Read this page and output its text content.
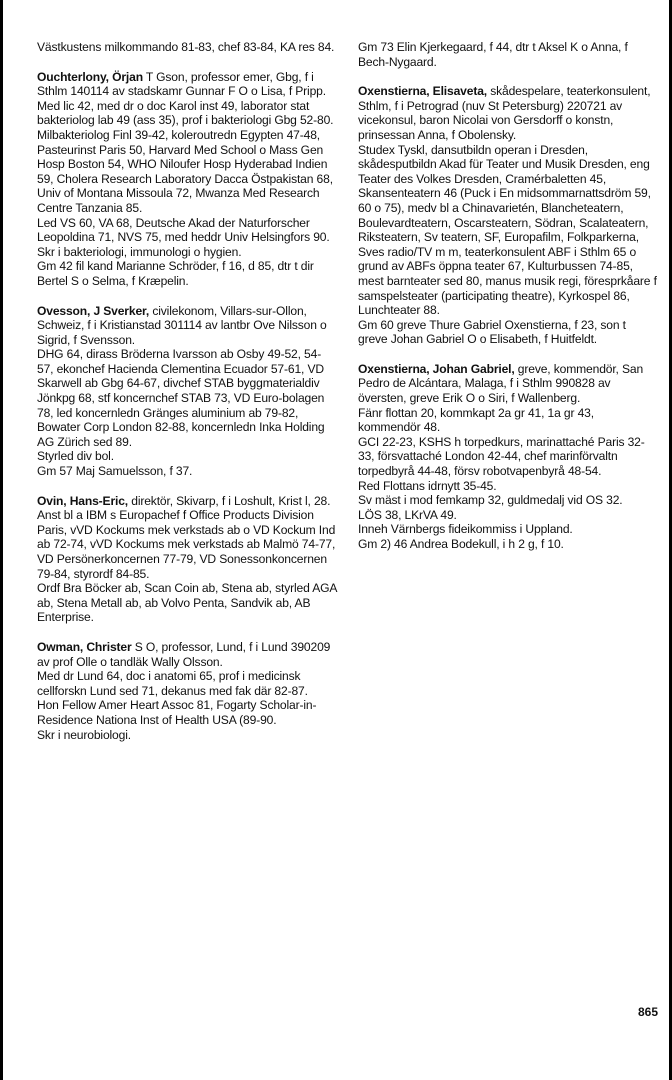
Västkustens milkommando 81-83, chef 83-84, KA res 84.

Ouchterlony, Örjan T Gson, professor emer, Gbg, f i Sthlm 140114 av stadskamr Gunnar F O o Lisa, f Pripp.

Med lic 42, med dr o doc Karol inst 49, laborator stat bakteriolog lab 49 (ass 35), prof i bakteriologi Gbg 52-80.

Milbakteriolog Finl 39-42, koleroutredn Egypten 47-48, Pasteurinst Paris 50, Harvard Med School o Mass Gen Hosp Boston 54, WHO Niloufer Hosp Hyderabad Indien 59, Cholera Research Laboratory Dacca Östpakistan 68, Univ of Montana Missoula 72, Mwanza Med Research Centre Tanzania 85.

Led VS 60, VA 68, Deutsche Akad der Naturforscher Leopoldina 71, NVS 75, med heddr Univ Helsingfors 90.

Skr i bakteriologi, immunologi o hygien.

Gm 42 fil kand Marianne Schröder, f 16, d 85, dtr t dir Bertel S o Selma, f Kræpelin.

Ovesson, J Sverker, civilekonom, Villars-sur-Ollon, Schweiz, f i Kristianstad 301114 av lantbr Ove Nilsson o Sigrid, f Svensson.

DHG 64, dirass Bröderna Ivarsson ab Osby 49-52, 54-57, ekonchef Hacienda Clementina Ecuador 57-61, VD Skarwell ab Gbg 64-67, divchef STAB byggmaterialdiv Jönkpg 68, stf koncernchef STAB 73, VD Euro-bolagen 78, led koncernledn Gränges aluminium ab 79-82, Bowater Corp London 82-88, koncernledn Inka Holding AG Zürich sed 89.

Styrled div bol.

Gm 57 Maj Samuelsson, f 37.

Ovin, Hans-Eric, direktör, Skivarp, f i Loshult, Krist l, 28.

Anst bl a IBM s Europachef f Office Products Division Paris, vVD Kockums mek verkstads ab o VD Kockum Ind ab 72-74, vVD Kockums mek verkstads ab Malmö 74-77, VD Persönerkoncernen 77-79, VD Sonessonkoncernen 79-84, styrordf 84-85.

Ordf Bra Böcker ab, Scan Coin ab, Stena ab, styrled AGA ab, Stena Metall ab, ab Volvo Penta, Sandvik ab, AB Enterprise.

Owman, Christer S O, professor, Lund, f i Lund 390209 av prof Olle o tandläk Wally Olsson.

Med dr Lund 64, doc i anatomi 65, prof i medicinsk cellforskn Lund sed 71, dekanus med fak där 82-87.

Hon Fellow Amer Heart Assoc 81, Fogarty Scholar-in-Residence Nationa Inst of Health USA (89-90.

Skr i neurobiologi.

Gm 73 Elin Kjerkegaard, f 44, dtr t Aksel K o Anna, f Bech-Nygaard.

Oxenstierna, Elisaveta, skådespelare, teaterkonsulent, Sthlm, f i Petrograd (nuv St Petersburg) 220721 av vicekonsul, baron Nicolai von Gersdorff o konstn, prinsessan Anna, f Obolensky.

Studex Tyskl, dansutbildn operan i Dresden, skådesputbildn Akad für Teater und Musik Dresden, eng Teater des Volkes Dresden, Cramérbaletten 45, Skansenteatern 46 (Puck i En midsommarnattsdröm 59, 60 o 75), medv bl a Chinavarietén, Blancheteatern, Boulevardteatern, Oscarsteatern, Södran, Scalateatern, Riksteatern, Sv teatern, SF, Europafilm, Folkparkerna, Sves radio/TV m m, teaterkonsulent ABF i Sthlm 65 o grund av ABFs öppna teater 67, Kulturbussen 74-85, mest barnteater sed 80, manus musik regi, föresprkåare f samspelsteater (participating theatre), Kyrkospel 86, Lunchteater 88.

Gm 60 greve Thure Gabriel Oxenstierna, f 23, son t greve Johan Gabriel O o Elisabeth, f Huitfeldt.

Oxenstierna, Johan Gabriel, greve, kommendör, San Pedro de Alcántara, Malaga, f i Sthlm 990828 av översten, greve Erik O o Siri, f Wallenberg.

Fänr flottan 20, kommkapt 2a gr 41, 1a gr 43, kommendör 48.

GCI 22-23, KSHS h torpedkurs, marinattaché Paris 32-33, försvattaché London 42-44, chef marinförvaltn torpedbyrå 44-48, försv robotvapenbyrå 48-54.

Red Flottans idrnytt 35-45.

Sv mäst i mod femkamp 32, guldmedalj vid OS 32.

LÖS 38, LKrVA 49.

Inneh Värnbergs fideikommiss i Uppland.

Gm 2) 46 Andrea Bodekull, i h 2 g, f 10.

865
